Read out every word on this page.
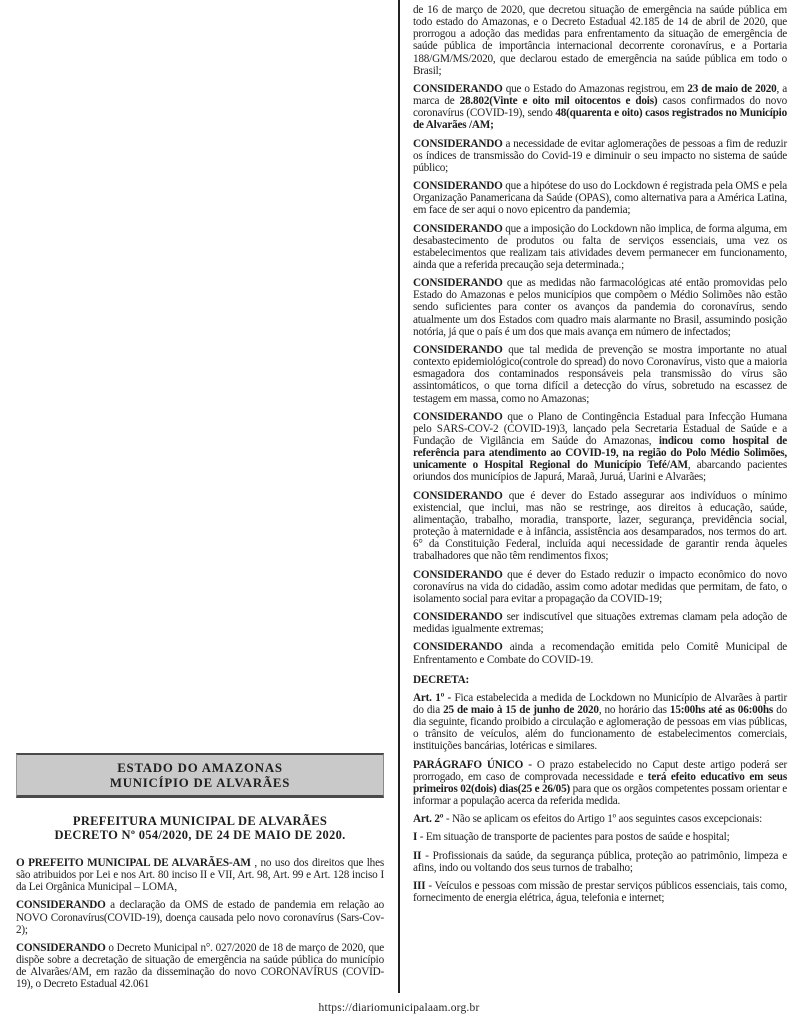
ESTADO DO AMAZONAS
MUNICÍPIO DE ALVARÃES
PREFEITURA MUNICIPAL DE ALVARÃES
DECRETO Nº 054/2020, DE 24 DE MAIO DE 2020.

O PREFEITO MUNICIPAL DE ALVARÃES-AM , no uso dos direitos que lhes são atribuidos por Lei e nos Art. 80 inciso II e VII, Art. 98, Art. 99 e Art. 128 inciso I da Lei Orgânica Municipal – LOMA,

CONSIDERANDO a declaração da OMS de estado de pandemia em relação ao NOVO Coronavírus(COVID-19), doença causada pelo novo coronavírus (Sars-Cov-2);

CONSIDERANDO o Decreto Municipal n°. 027/2020 de 18 de março de 2020, que dispõe sobre a decretação de situação de emergência na saúde pública do município de Alvarães/AM, em razão da disseminação do novo CORONAVÍRUS (COVID- 19), o Decreto Estadual 42.061

de 16 de março de 2020, que decretou situação de emergência na saúde pública em todo estado do Amazonas, e o Decreto Estadual 42.185 de 14 de abril de 2020, que prorrogou a adoção das medidas para enfrentamento da situação de emergência de saúde pública de importância internacional decorrente coronavírus, e a Portaria 188/GM/MS/2020, que declarou estado de emergência na saúde pública em todo o Brasil;

CONSIDERANDO que o Estado do Amazonas registrou, em 23 de maio de 2020, a marca de 28.802(Vinte e oito mil oitocentos e dois) casos confirmados do novo coronavírus (COVID-19), sendo 48(quarenta e oito) casos registrados no Município de Alvarães /AM;

CONSIDERANDO a necessidade de evitar aglomerações de pessoas a fim de reduzir os índices de transmissão do Covid-19 e diminuir o seu impacto no sistema de saúde público;

CONSIDERANDO que a hipótese do uso do Lockdown é registrada pela OMS e pela Organização Panamericana da Saúde (OPAS), como alternativa para a América Latina, em face de ser aqui o novo epicentro da pandemia;

CONSIDERANDO que a imposição do Lockdown não implica, de forma alguma, em desabastecimento de produtos ou falta de serviços essenciais, uma vez os estabelecimentos que realizam tais atividades devem permanecer em funcionamento, ainda que a referida precaução seja determinada.;

CONSIDERANDO que as medidas não farmacológicas até então promovidas pelo Estado do Amazonas e pelos municípios que compõem o Médio Solimões não estão sendo suficientes para conter os avanços da pandemia do coronavírus, sendo atualmente um dos Estados com quadro mais alarmante no Brasil, assumindo posição notória, já que o país é um dos que mais avança em número de infectados;

CONSIDERANDO que tal medida de prevenção se mostra importante no atual contexto epidemiológico(controle do spread) do novo Coronavírus, visto que a maioria esmagadora dos contaminados responsáveis pela transmissão do vírus são assintomáticos, o que torna difícil a detecção do vírus, sobretudo na escassez de testagem em massa, como no Amazonas;

CONSIDERANDO que o Plano de Contingência Estadual para Infecção Humana pelo SARS-COV-2 (COVID-19)3, lançado pela Secretaria Estadual de Saúde e a Fundação de Vigilância em Saúde do Amazonas, indicou como hospital de referência para atendimento ao COVID-19, na região do Polo Médio Solimões, unicamente o Hospital Regional do Município Tefé/AM, abarcando pacientes oriundos dos municípios de Japurá, Maraã, Juruá, Uarini e Alvarães;

CONSIDERANDO que é dever do Estado assegurar aos indivíduos o mínimo existencial, que inclui, mas não se restringe, aos direitos à educação, saúde, alimentação, trabalho, moradia, transporte, lazer, segurança, previdência social, proteção à maternidade e à infância, assistência aos desamparados, nos termos do art. 6° da Constituição Federal, incluída aqui necessidade de garantir renda àqueles trabalhadores que não têm rendimentos fixos;

CONSIDERANDO que é dever do Estado reduzir o impacto econômico do novo coronavírus na vida do cidadão, assim como adotar medidas que permitam, de fato, o isolamento social para evitar a propagação da COVID-19;

CONSIDERANDO ser indiscutível que situações extremas clamam pela adoção de medidas igualmente extremas;

CONSIDERANDO ainda a recomendação emitida pelo Comitê Municipal de Enfrentamento e Combate do COVID-19.

DECRETA:

Art. 1º - Fica estabelecida a medida de Lockdown no Município de Alvarães à partir do dia 25 de maio à 15 de junho de 2020, no horário das 15:00hs até as 06:00hs do dia seguinte, ficando proibido a circulação e aglomeração de pessoas em vias públicas, o trânsito de veículos, além do funcionamento de estabelecimentos comerciais, instituições bancárias, lotéricas e similares.

PARÁGRAFO ÚNICO - O prazo estabelecido no Caput deste artigo poderá ser prorrogado, em caso de comprovada necessidade e terá efeito educativo em seus primeiros 02(dois) dias(25 e 26/05) para que os orgãos competentes possam orientar e informar a população acerca da referida medida.

Art. 2º - Não se aplicam os efeitos do Artigo 1º aos seguintes casos excepcionais:

I - Em situação de transporte de pacientes para postos de saúde e hospital;

II - Profissionais da saúde, da segurança pública, proteção ao patrimônio, limpeza e afins, indo ou voltando dos seus turnos de trabalho;

III - Veículos e pessoas com missão de prestar serviços públicos essenciais, tais como, fornecimento de energia elétrica, água, telefonia e internet;

https://diariomunicipalaam.org.br
